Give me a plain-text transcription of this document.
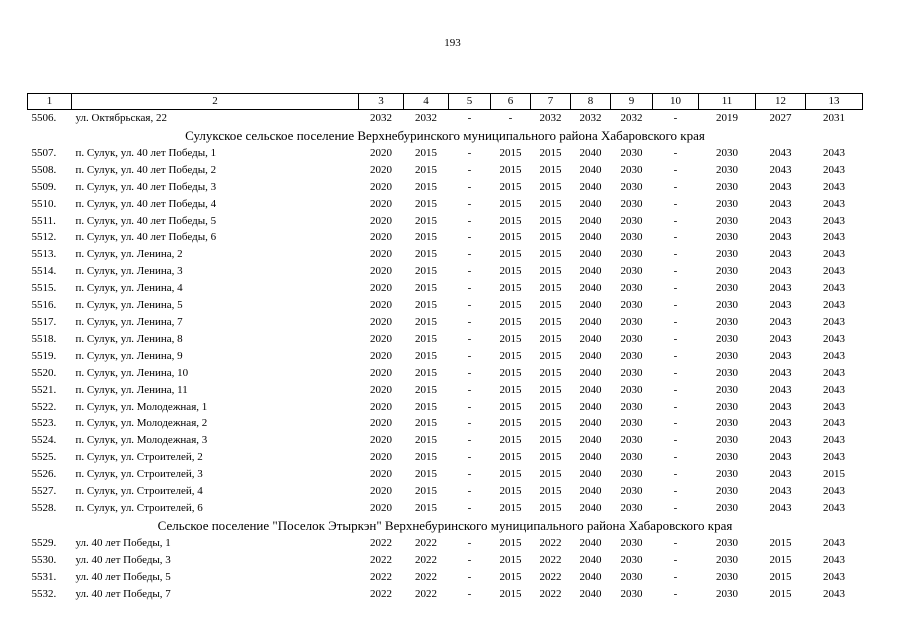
193
1	2	3	4	5	6	7	8	9	10	11	12	13
5506.	ул. Октябрьская, 22	2032	2032	-	-	2032	2032	2032	-	2019	2027	2031
Сулукское сельское поселение Верхнебуринского муниципального района Хабаровского края												
5507.	п. Сулук, ул. 40 лет Победы, 1	2020	2015	-	2015	2015	2040	2030	-	2030	2043	2043
5508.	п. Сулук, ул. 40 лет Победы, 2	2020	2015	-	2015	2015	2040	2030	-	2030	2043	2043
5509.	п. Сулук, ул. 40 лет Победы, 3	2020	2015	-	2015	2015	2040	2030	-	2030	2043	2043
5510.	п. Сулук, ул. 40 лет Победы, 4	2020	2015	-	2015	2015	2040	2030	-	2030	2043	2043
5511.	п. Сулук, ул. 40 лет Победы, 5	2020	2015	-	2015	2015	2040	2030	-	2030	2043	2043
5512.	п. Сулук, ул. 40 лет Победы, 6	2020	2015	-	2015	2015	2040	2030	-	2030	2043	2043
5513.	п. Сулук, ул. Ленина, 2	2020	2015	-	2015	2015	2040	2030	-	2030	2043	2043
5514.	п. Сулук, ул. Ленина, 3	2020	2015	-	2015	2015	2040	2030	-	2030	2043	2043
5515.	п. Сулук, ул. Ленина, 4	2020	2015	-	2015	2015	2040	2030	-	2030	2043	2043
5516.	п. Сулук, ул. Ленина, 5	2020	2015	-	2015	2015	2040	2030	-	2030	2043	2043
5517.	п. Сулук, ул. Ленина, 7	2020	2015	-	2015	2015	2040	2030	-	2030	2043	2043
5518.	п. Сулук, ул. Ленина, 8	2020	2015	-	2015	2015	2040	2030	-	2030	2043	2043
5519.	п. Сулук, ул. Ленина, 9	2020	2015	-	2015	2015	2040	2030	-	2030	2043	2043
5520.	п. Сулук, ул. Ленина, 10	2020	2015	-	2015	2015	2040	2030	-	2030	2043	2043
5521.	п. Сулук, ул. Ленина, 11	2020	2015	-	2015	2015	2040	2030	-	2030	2043	2043
5522.	п. Сулук, ул. Молодежная, 1	2020	2015	-	2015	2015	2040	2030	-	2030	2043	2043
5523.	п. Сулук, ул. Молодежная, 2	2020	2015	-	2015	2015	2040	2030	-	2030	2043	2043
5524.	п. Сулук, ул. Молодежная, 3	2020	2015	-	2015	2015	2040	2030	-	2030	2043	2043
5525.	п. Сулук, ул. Строителей, 2	2020	2015	-	2015	2015	2040	2030	-	2030	2043	2043
5526.	п. Сулук, ул. Строителей, 3	2020	2015	-	2015	2015	2040	2030	-	2030	2043	2015
5527.	п. Сулук, ул. Строителей, 4	2020	2015	-	2015	2015	2040	2030	-	2030	2043	2043
5528.	п. Сулук, ул. Строителей, 6	2020	2015	-	2015	2015	2040	2030	-	2030	2043	2043
Сельское поселение "Поселок Этыркэн" Верхнебуринского муниципального района Хабаровского края												
5529.	ул. 40 лет Победы, 1	2022	2022	-	2015	2022	2040	2030	-	2030	2015	2043
5530.	ул. 40 лет Победы, 3	2022	2022	-	2015	2022	2040	2030	-	2030	2015	2043
5531.	ул. 40 лет Победы, 5	2022	2022	-	2015	2022	2040	2030	-	2030	2015	2043
5532.	ул. 40 лет Победы, 7	2022	2022	-	2015	2022	2040	2030	-	2030	2015	2043
